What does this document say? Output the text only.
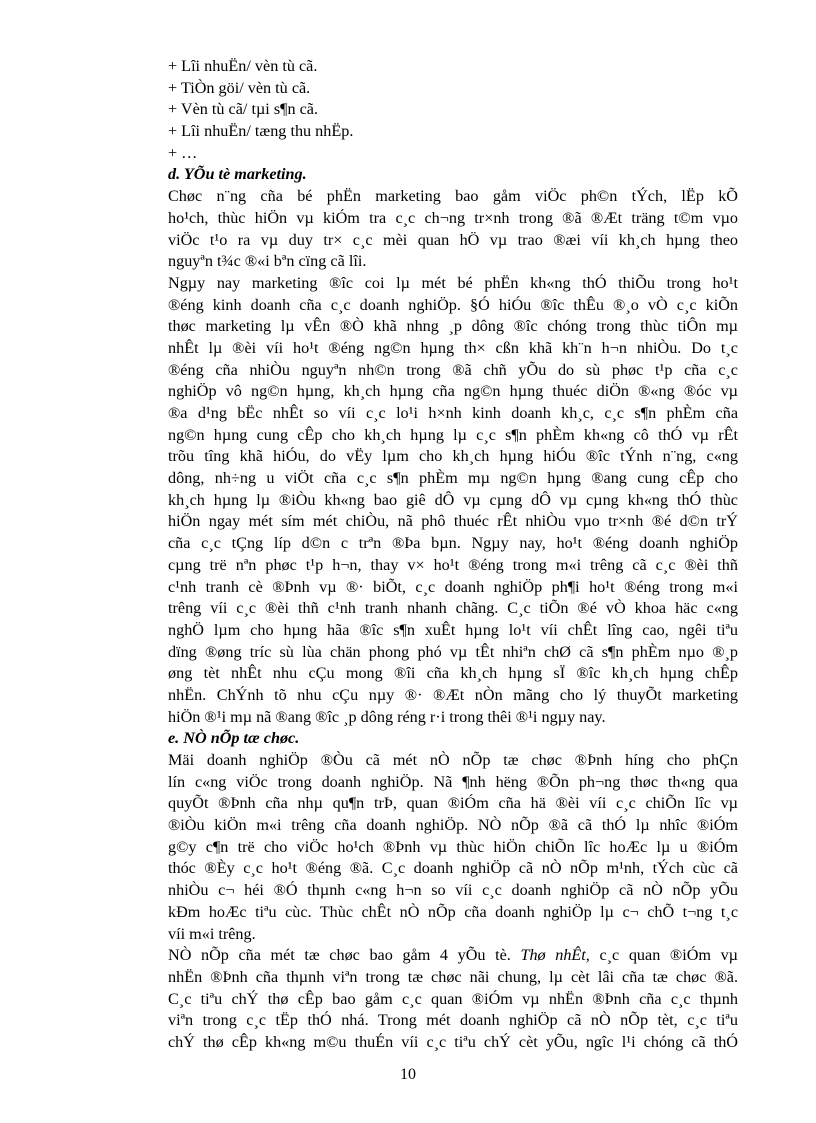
+ Lîi nhuËn/ vèn tù cã.
+ TiÒn göi/ vèn tù cã.
+ Vèn tù cã/ tµi s¶n cã.
+ Lîi nhuËn/ tæng thu nhËp.
+ …
d. YÕu tè marketing.
Chøc n¨ng cña bé phËn marketing bao gåm viÖc ph©n tÝch, lËp kÕ
ho¹ch, thùc hiÖn vµ kiÓm tra c¸c ch¬ng tr×nh trong ®ã ®Æt träng t©m vµo
viÖc t¹o ra vµ duy tr× c¸c mèi quan hÖ vµ trao ®æi víi kh¸ch hµng theo
nguyªn t¾c ®«i bªn cïng cã lîi.
Ngµy nay marketing ®îc coi lµ mét bé phËn kh«ng thÓ thiÕu trong ho¹t
®éng kinh doanh cña c¸c doanh nghiÖp. §Ó hiÓu ®îc thÊu ®¸o vÒ c¸c kiÕn
thøc marketing lµ vÊn ®Ò khã nhng ¸p dông ®îc chóng trong thùc tiÔn mµ
nhÊt lµ ®èi víi ho¹t ®éng ng©n hµng th× cßn khã kh¨n h¬n nhiÒu. Do t¸c
®éng cña nhiÒu nguyªn nh©n trong ®ã chñ yÕu do sù phøc t¹p cña c¸c
nghiÖp vô ng©n hµng, kh¸ch hµng cña ng©n hµng thuéc diÖn ®«ng ®óc vµ
®a d¹ng bËc nhÊt so víi c¸c lo¹i h×nh kinh doanh kh¸c, c¸c s¶n phÈm cña
ng©n hµng cung cÊp cho kh¸ch hµng lµ c¸c s¶n phÈm kh«ng cô thÓ vµ rÊt
trõu tîng khã hiÓu, do vËy lµm cho kh¸ch hµng hiÓu ®îc tÝnh n¨ng, c«ng
dông, nh÷ng u viÖt cña c¸c s¶n phÈm mµ ng©n hµng ®ang cung cÊp cho
kh¸ch hµng lµ ®iÒu kh«ng bao giê dÔ vµ cµng dÔ vµ cµng kh«ng thÓ thùc
hiÖn ngay mét sím mét chiÒu, nã phô thuéc rÊt nhiÒu vµo tr×nh ®é d©n trÝ
cña c¸c tÇng líp d©n c trªn ®Þa bµn. Ngµy nay, ho¹t ®éng doanh nghiÖp
cµng trë nªn phøc t¹p h¬n, thay v× ho¹t ®éng trong m«i trêng cã c¸c ®èi thñ
c¹nh tranh cè ®Þnh vµ ®· biÕt, c¸c doanh nghiÖp ph¶i ho¹t ®éng trong m«i
trêng víi c¸c ®èi thñ c¹nh tranh nhanh chãng. C¸c tiÕn ®é vÒ khoa häc c«ng
nghÖ lµm cho hµng hãa ®îc s¶n xuÊt hµng lo¹t víi chÊt lîng cao, ngêi tiªu
dïng ®øng tríc sù lùa chän phong phó vµ tÊt nhiªn chØ cã s¶n phÈm nµo ®¸p
øng tèt nhÊt nhu cÇu mong ®îi cña kh¸ch hµng sÏ ®îc kh¸ch hµng chÊp
nhËn. ChÝnh tõ nhu cÇu nµy ®· ®Æt nÒn mãng cho lý thuyÕt marketing
hiÖn ®¹i mµ nã ®ang ®îc ¸p dông réng r·i trong thêi ®¹i ngµy nay.
e. NÒ nÕp tæ chøc.
Mäi doanh nghiÖp ®Òu cã mét nÒ nÕp tæ chøc ®Þnh híng cho phÇn
lín c«ng viÖc trong doanh nghiÖp. Nã ¶nh hëng ®Õn ph¬ng thøc th«ng qua
quyÕt ®Þnh cña nhµ qu¶n trÞ, quan ®iÓm cña hä ®èi víi c¸c chiÕn lîc vµ
®iÒu kiÖn m«i trêng cña doanh nghiÖp. NÒ nÕp ®ã cã thÓ lµ nhîc ®iÓm
g©y c¶n trë cho viÖc ho¹ch ®Þnh vµ thùc hiÖn chiÕn lîc hoÆc lµ u ®iÓm
thóc ®Èy c¸c ho¹t ®éng ®ã. C¸c doanh nghiÖp cã nÒ nÕp m¹nh, tÝch cùc cã
nhiÒu c¬ héi ®Ó thµnh c«ng h¬n so víi c¸c doanh nghiÖp cã nÒ nÕp yÕu
kÐm hoÆc tiªu cùc. Thùc chÊt nÒ nÕp cña doanh nghiÖp lµ c¬ chÕ t¬ng t¸c
víi m«i trêng.
NÒ nÕp cña mét tæ chøc bao gåm 4 yÕu tè. Thø nhÊt, c¸c quan ®iÓm vµ
nhËn ®Þnh cña thµnh viªn trong tæ chøc nãi chung, lµ cèt lâi cña tæ chøc ®ã.
C¸c tiªu chÝ thø cÊp bao gåm c¸c quan ®iÓm vµ nhËn ®Þnh cña c¸c thµnh
viªn trong c¸c tËp thÓ nhá. Trong mét doanh nghiÖp cã nÒ nÕp tèt, c¸c tiªu
chÝ thø cÊp kh«ng m©u thuÉn víi c¸c tiªu chÝ cèt yÕu, ngîc l¹i chóng cã thÓ
10
